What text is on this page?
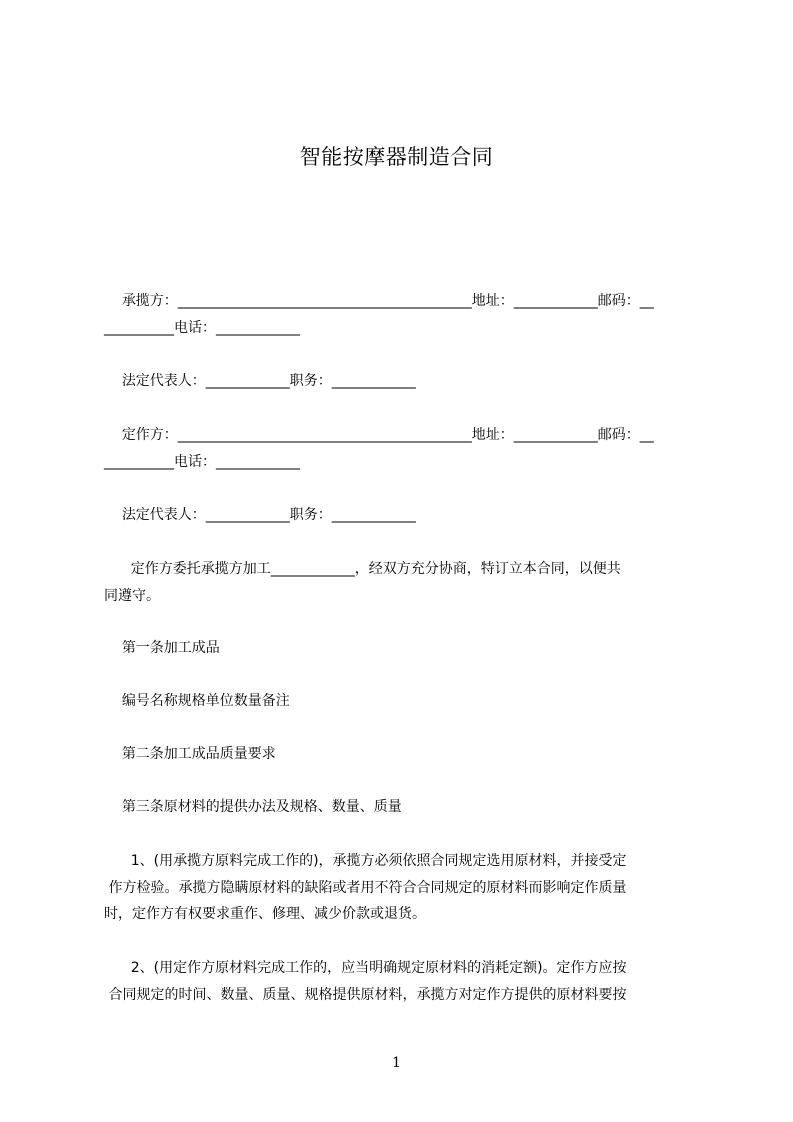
智能按摩器制造合同
承揽方：__________________________________________地址：____________邮码：__
__________电话：____________
法定代表人：____________职务：____________
定作方：__________________________________________地址：____________邮码：__
__________电话：____________
法定代表人：____________职务：____________
定作方委托承揽方加工____________，经双方充分协商，特订立本合同，以便共
同遵守。
第一条加工成品
编号名称规格单位数量备注
第二条加工成品质量要求
第三条原材料的提供办法及规格、数量、质量
1、(用承揽方原料完成工作的)，承揽方必须依照合同规定选用原材料，并接受定
作方检验。承揽方隐瞒原材料的缺陷或者用不符合合同规定的原材料而影响定作质量
时，定作方有权要求重作、修理、减少价款或退货。
2、(用定作方原材料完成工作的，应当明确规定原材料的消耗定额)。定作方应按
合同规定的时间、数量、质量、规格提供原材料，承揽方对定作方提供的原材料要按
1
